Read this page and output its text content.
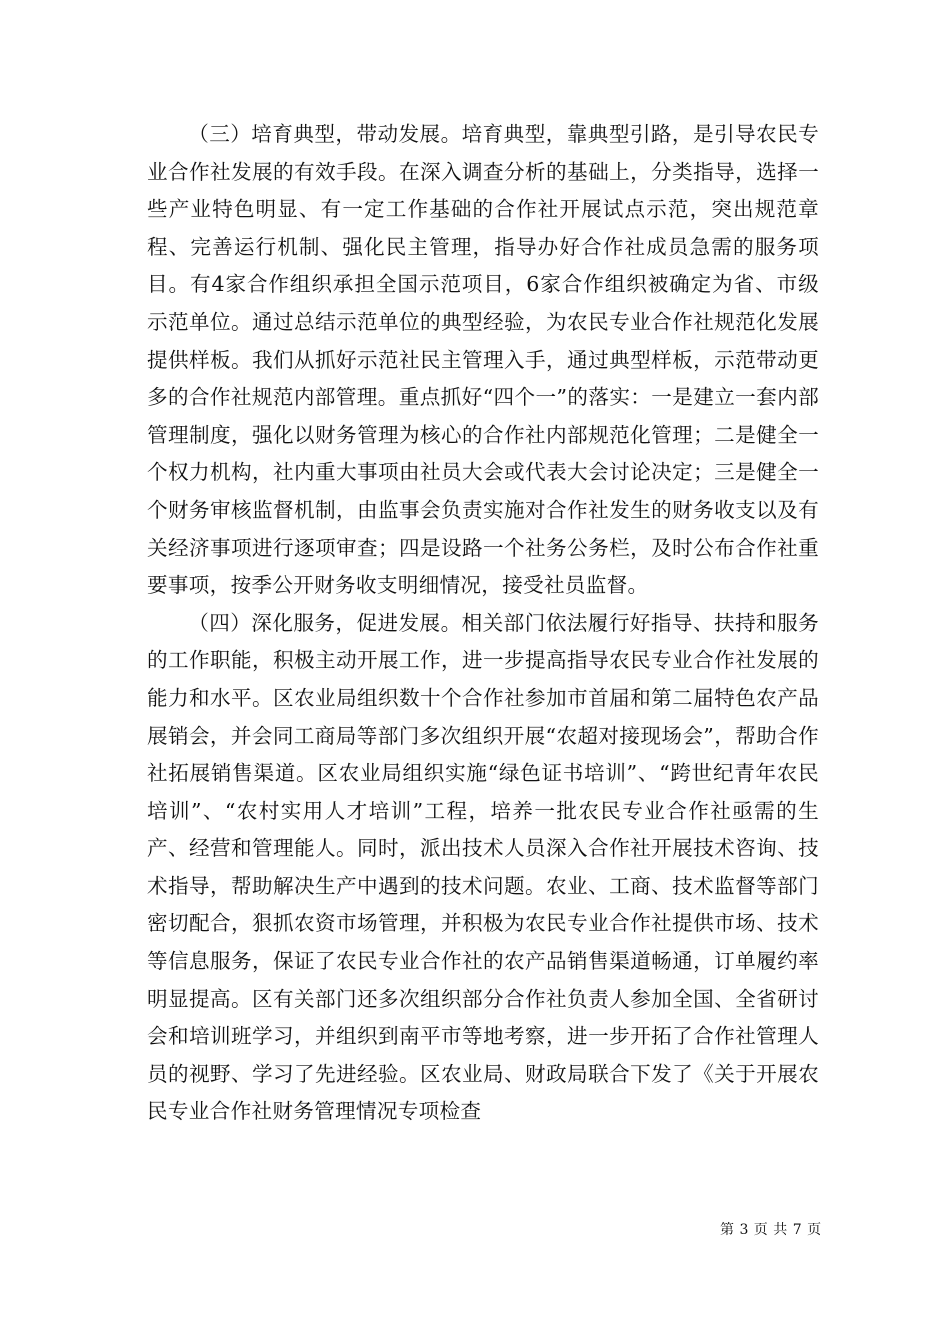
（三）培育典型，带动发展。培育典型，靠典型引路，是引导农民专业合作社发展的有效手段。在深入调查分析的基础上，分类指导，选择一些产业特色明显、有一定工作基础的合作社开展试点示范，突出规范章程、完善运行机制、强化民主管理，指导办好合作社成员急需的服务项目。有4家合作组织承担全国示范项目，6家合作组织被确定为省、市级示范单位。通过总结示范单位的典型经验，为农民专业合作社规范化发展提供样板。我们从抓好示范社民主管理入手，通过典型样板，示范带动更多的合作社规范内部管理。重点抓好“四个一”的落实：一是建立一套内部管理制度，强化以财务管理为核心的合作社内部规范化管理；二是健全一个权力机构，社内重大事项由社员大会或代表大会讨论决定；三是健全一个财务审核监督机制，由监事会负责实施对合作社发生的财务收支以及有关经济事项进行逐项审查；四是设路一个社务公务栏，及时公布合作社重要事项，按季公开财务收支明细情况，接受社员监督。

（四）深化服务，促进发展。相关部门依法履行好指导、扶持和服务的工作职能，积极主动开展工作，进一步提高指导农民专业合作社发展的能力和水平。区农业局组织数十个合作社参加市首届和第二届特色农产品展销会，并会同工商局等部门多次组织开展“农超对接现场会”，帮助合作社拓展销售渠道。区农业局组织实施“绿色证书培训”、“跨世纪青年农民培训”、“农村实用人才培训”工程，培养一批农民专业合作社亟需的生产、经营和管理能人。同时，派出技术人员深入合作社开展技术咨询、技术指导，帮助解决生产中遇到的技术问题。农业、工商、技术监督等部门密切配合，狠抓农资市场管理，并积极为农民专业合作社提供市场、技术等信息服务，保证了农民专业合作社的农产品销售渠道畅通，订单履约率明显提高。区有关部门还多次组织部分合作社负责人参加全国、全省研讨会和培训班学习，并组织到南平市等地考察，进一步开拓了合作社管理人员的视野、学习了先进经验。区农业局、财政局联合下发了《关于开展农民专业合作社财务管理情况专项检查

第 3 页 共 7 页
